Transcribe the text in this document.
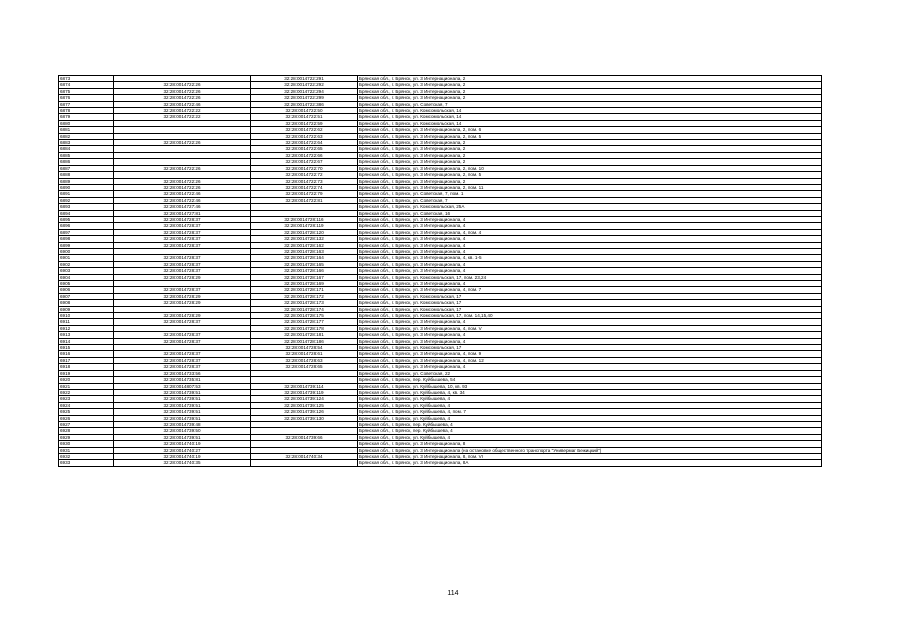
6873		32:28:0014722:291	Брянская обл., г. Брянск, ул. 3 Интернационала, 2
6874	32:28:0014722:26	32:28:0014722:292	Брянская обл., г. Брянск, ул. 3 Интернационала, 2
6875	32:28:0014722:26	32:28:0014722:294	Брянская обл., г. Брянск, ул. 3 Интернационала, 2
6876	32:28:0014722:26	32:28:0014722:299	Брянская обл., г. Брянск, ул. 3 Интернационала, 2
6877	32:28:0014722:46	32:28:0014722:386	Брянская обл., г. Брянск, ул. Советская, 7
6878	32:28:0014722:22	32:28:0014722:50	Брянская обл., г. Брянск, ул. Комсомольская, 14
6879	32:28:0014722:22	32:28:0014722:51	Брянская обл., г. Брянск, ул. Комсомольская, 14
6880		32:28:0014722:59	Брянская обл., г. Брянск, ул. Комсомольская, 14
6881		32:28:0014722:62	Брянская обл., г. Брянск, ул. 3 Интернационала, 2, пом. 6
6882		32:28:0014722:63	Брянская обл., г. Брянск, ул. 3 Интернационала, 2, пом. 5
6883	32:28:0014722:26	32:28:0014722:64	Брянская обл., г. Брянск, ул. 3 Интернационала, 2
6884		32:28:0014722:65	Брянская обл., г. Брянск, ул. 3 Интернационала, 2
6885		32:28:0014722:66	Брянская обл., г. Брянск, ул. 3 Интернационала, 2
6886		32:28:0014722:67	Брянская обл., г. Брянск, ул. 3 Интернационала, 2
6887	32:28:0014722:26	32:28:0014722:70	Брянская обл., г. Брянск, ул. 3 Интернационала, 2, пом. 10
6888		32:28:0014722:72	Брянская обл., г. Брянск, ул. 3 Интернационала, 2, пом. 5
6889	32:28:0014722:26	32:28:0014722:73	Брянская обл., г. Брянск, ул. 3 Интернационала, 2
6890	32:28:0014722:26	32:28:0014722:74	Брянская обл., г. Брянск, ул. 3 Интернационала, 2, пом. 11
6891	32:28:0014722:46	32:28:0014722:79	Брянская обл., г. Брянск, ул. Советская, 7, пом. 1
6892	32:28:0014722:46	32:28:0014722:81	Брянская обл., г. Брянск, ул. Советская, 7
6893	32:28:0014727:46		Брянская обл., г. Брянск, ул. Комсомольская, 25А
6894	32:28:0014727:81		Брянская обл., г. Брянск, ул. Советская, 16
6895	32:28:0014728:37	32:28:0014728:116	Брянская обл., г. Брянск, ул. 3 Интернационала, 4
6896	32:28:0014728:37	32:28:0014728:119	Брянская обл., г. Брянск, ул. 3 Интернационала, 4
6897	32:28:0014728:37	32:28:0014728:120	Брянская обл., г. Брянск, ул. 3 Интернационала, 4, пом. 4
6898	32:28:0014728:37	32:28:0014728:132	Брянская обл., г. Брянск, ул. 3 Интернационала, 4
6899	32:28:0014728:37	32:28:0014728:162	Брянская обл., г. Брянск, ул. 3 Интернационала, 4
6900		32:28:0014728:163	Брянская обл., г. Брянск, ул. 3 Интернационала, 4
6901	32:28:0014728:37	32:28:0014728:164	Брянская обл., г. Брянск, ул. 3 Интернационала, 4, кв. 1-5
6902	32:28:0014728:37	32:28:0014728:165	Брянская обл., г. Брянск, ул. 3 Интернационала, 4
6903	32:28:0014728:37	32:28:0014728:166	Брянская обл., г. Брянск, ул. 3 Интернационала, 4
6904	32:28:0014728:29	32:28:0014728:167	Брянская обл., г. Брянск, ул. Комсомольская, 17, пом. 23,24
6905		32:28:0014728:169	Брянская обл., г. Брянск, ул. 3 Интернационала, 4
6906	32:28:0014728:37	32:28:0014728:171	Брянская обл., г. Брянск, ул. 3 Интернационала, 4, пом. 7
6907	32:28:0014728:29	32:28:0014728:172	Брянская обл., г. Брянск, ул. Комсомольская, 17
6908	32:28:0014728:29	32:28:0014728:173	Брянская обл., г. Брянск, ул. Комсомольская, 17
6909		32:28:0014728:174	Брянская обл., г. Брянск, ул. Комсомольская, 17
6910	32:28:0014728:29	32:28:0014728:175	Брянская обл., г. Брянск, ул. Комсомольская, 17, пом. 14,15,40
6911	32:28:0014728:37	32:28:0014728:177	Брянская обл., г. Брянск, ул. 3 Интернационала, 4
6912		32:28:0014728:178	Брянская обл., г. Брянск, ул. 3 Интернационала, 4, пом. V
6913	32:28:0014728:37	32:28:0014728:181	Брянская обл., г. Брянск, ул. 3 Интернационала, 4
6914	32:28:0014728:37	32:28:0014728:186	Брянская обл., г. Брянск, ул. 3 Интернационала, 4
6915		32:28:0014728:54	Брянская обл., г. Брянск, ул. Комсомольская, 17
6916	32:28:0014728:37	32:28:0014728:61	Брянская обл., г. Брянск, ул. 3 Интернационала, 4, пом. 9
6917	32:28:0014728:37	32:28:0014728:63	Брянская обл., г. Брянск, ул. 3 Интернационала, 4, пом. 12
6918	32:28:0014728:37	32:28:0014728:65	Брянская обл., г. Брянск, ул. 3 Интернационала, 4
6919	32:28:0014733:56		Брянская обл., г. Брянск, ул. Советская, 22
6920	32:28:0014735:81		Брянская обл., г. Брянск, пер. Куйбышева, 54
6921	32:28:0014807:53	32:28:0014739:114	Брянская обл., г. Брянск, ул. Куйбышева, 10, кв. 93
6922	32:28:0014739:51	32:28:0014739:119	Брянская обл., г. Брянск, ул. Куйбышева, 4, кв. 34
6923	32:28:0014739:51	32:28:0014739:124	Брянская обл., г. Брянск, ул. Куйбышева, 4
6924	32:28:0014739:51	32:28:0014739:125	Брянская обл., г. Брянск, ул. Куйбышева, 4
6925	32:28:0014739:51	32:28:0014739:126	Брянская обл., г. Брянск, ул. Куйбышева, 4, пом. 7
6926	32:28:0014739:51	32:28:0014739:130	Брянская обл., г. Брянск, ул. Куйбышева, 4
6927	32:28:0014739:48		Брянская обл., г. Брянск, пер. Куйбышева, 4
6928	32:28:0014739:50		Брянская обл., г. Брянск, пер. Куйбышева, 4
6929	32:28:0014739:51	32:28:0014739:66	Брянская обл., г. Брянск, ул. Куйбышева, 4
6930	32:28:0014740:19		Брянская обл., г. Брянск, ул. 3 Интернационала, 8
6931	32:28:0014740:27		Брянская обл., г. Брянск, ул. 3 Интернационала (на остановке общественного транспорта "Универмаг Бежицкий")
6932	32:28:0014740:19	32:28:0014740:34	Брянская обл., г. Брянск, ул. 3 Интернационала, 8, пом. VI
6933	32:28:0014740:35		Брянская обл., г. Брянск, ул. 3 Интернационала, 8А
114
